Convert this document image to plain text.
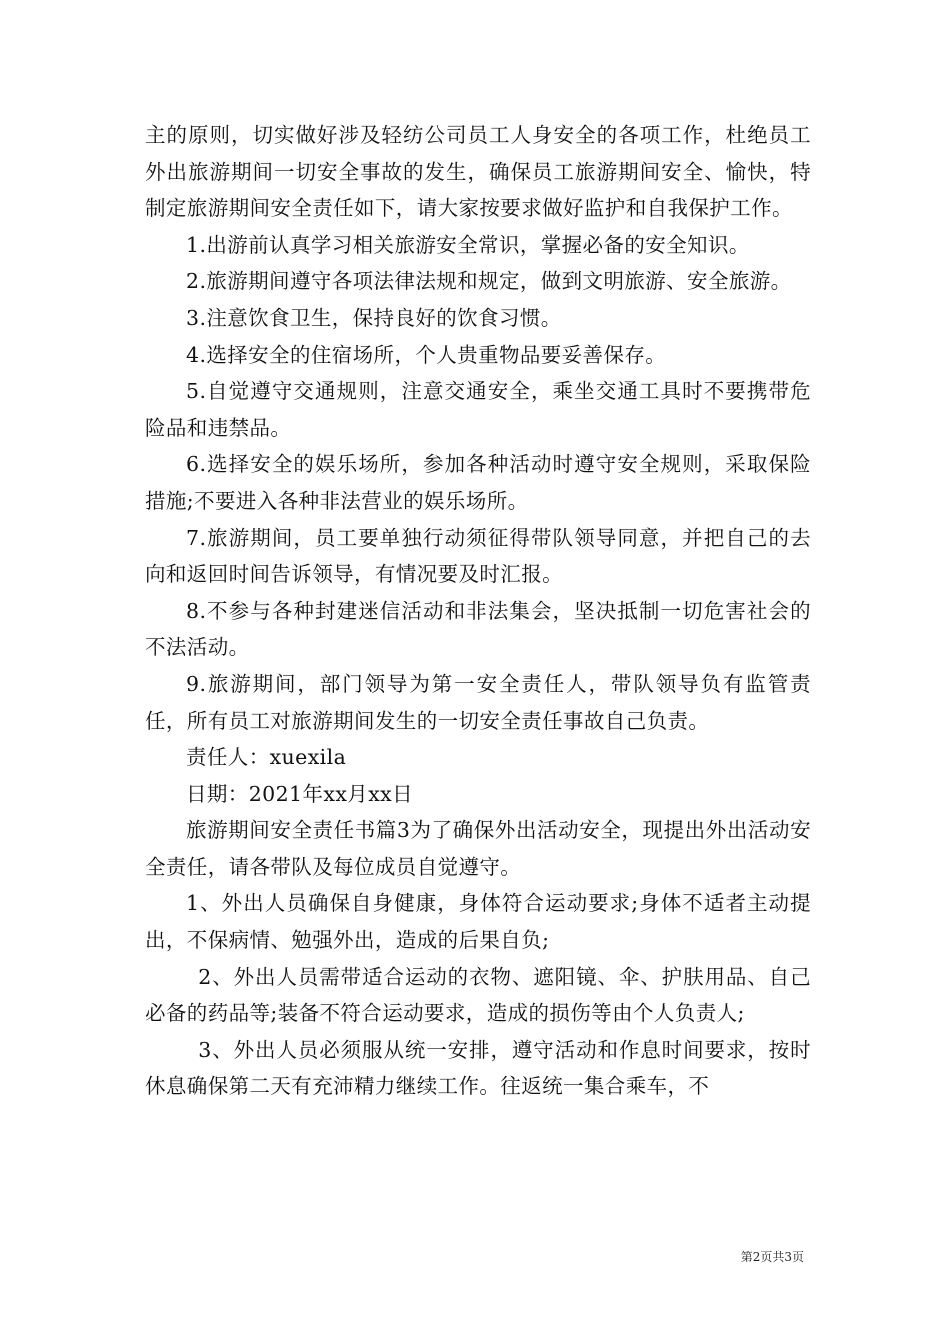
主的原则，切实做好涉及轻纺公司员工人身安全的各项工作，杜绝员工外出旅游期间一切安全事故的发生，确保员工旅游期间安全、愉快，特制定旅游期间安全责任如下，请大家按要求做好监护和自我保护工作。

1.出游前认真学习相关旅游安全常识，掌握必备的安全知识。

2.旅游期间遵守各项法律法规和规定，做到文明旅游、安全旅游。

3.注意饮食卫生，保持良好的饮食习惯。

4.选择安全的住宿场所，个人贵重物品要妥善保存。

5.自觉遵守交通规则，注意交通安全，乘坐交通工具时不要携带危险品和违禁品。

6.选择安全的娱乐场所，参加各种活动时遵守安全规则，采取保险措施;不要进入各种非法营业的娱乐场所。

7.旅游期间，员工要单独行动须征得带队领导同意，并把自己的去向和返回时间告诉领导，有情况要及时汇报。

8.不参与各种封建迷信活动和非法集会，坚决抵制一切危害社会的不法活动。

9.旅游期间，部门领导为第一安全责任人，带队领导负有监管责任，所有员工对旅游期间发生的一切安全责任事故自己负责。

责任人：xuexila

日期：2021年xx月xx日

旅游期间安全责任书篇3为了确保外出活动安全，现提出外出活动安全责任，请各带队及每位成员自觉遵守。

1、外出人员确保自身健康，身体符合运动要求;身体不适者主动提出，不保病情、勉强外出，造成的后果自负;

2、外出人员需带适合运动的衣物、遮阳镜、伞、护肤用品、自己必备的药品等;装备不符合运动要求，造成的损伤等由个人负责人;

3、外出人员必须服从统一安排，遵守活动和作息时间要求，按时休息确保第二天有充沛精力继续工作。往返统一集合乘车，不

第2页共3页
